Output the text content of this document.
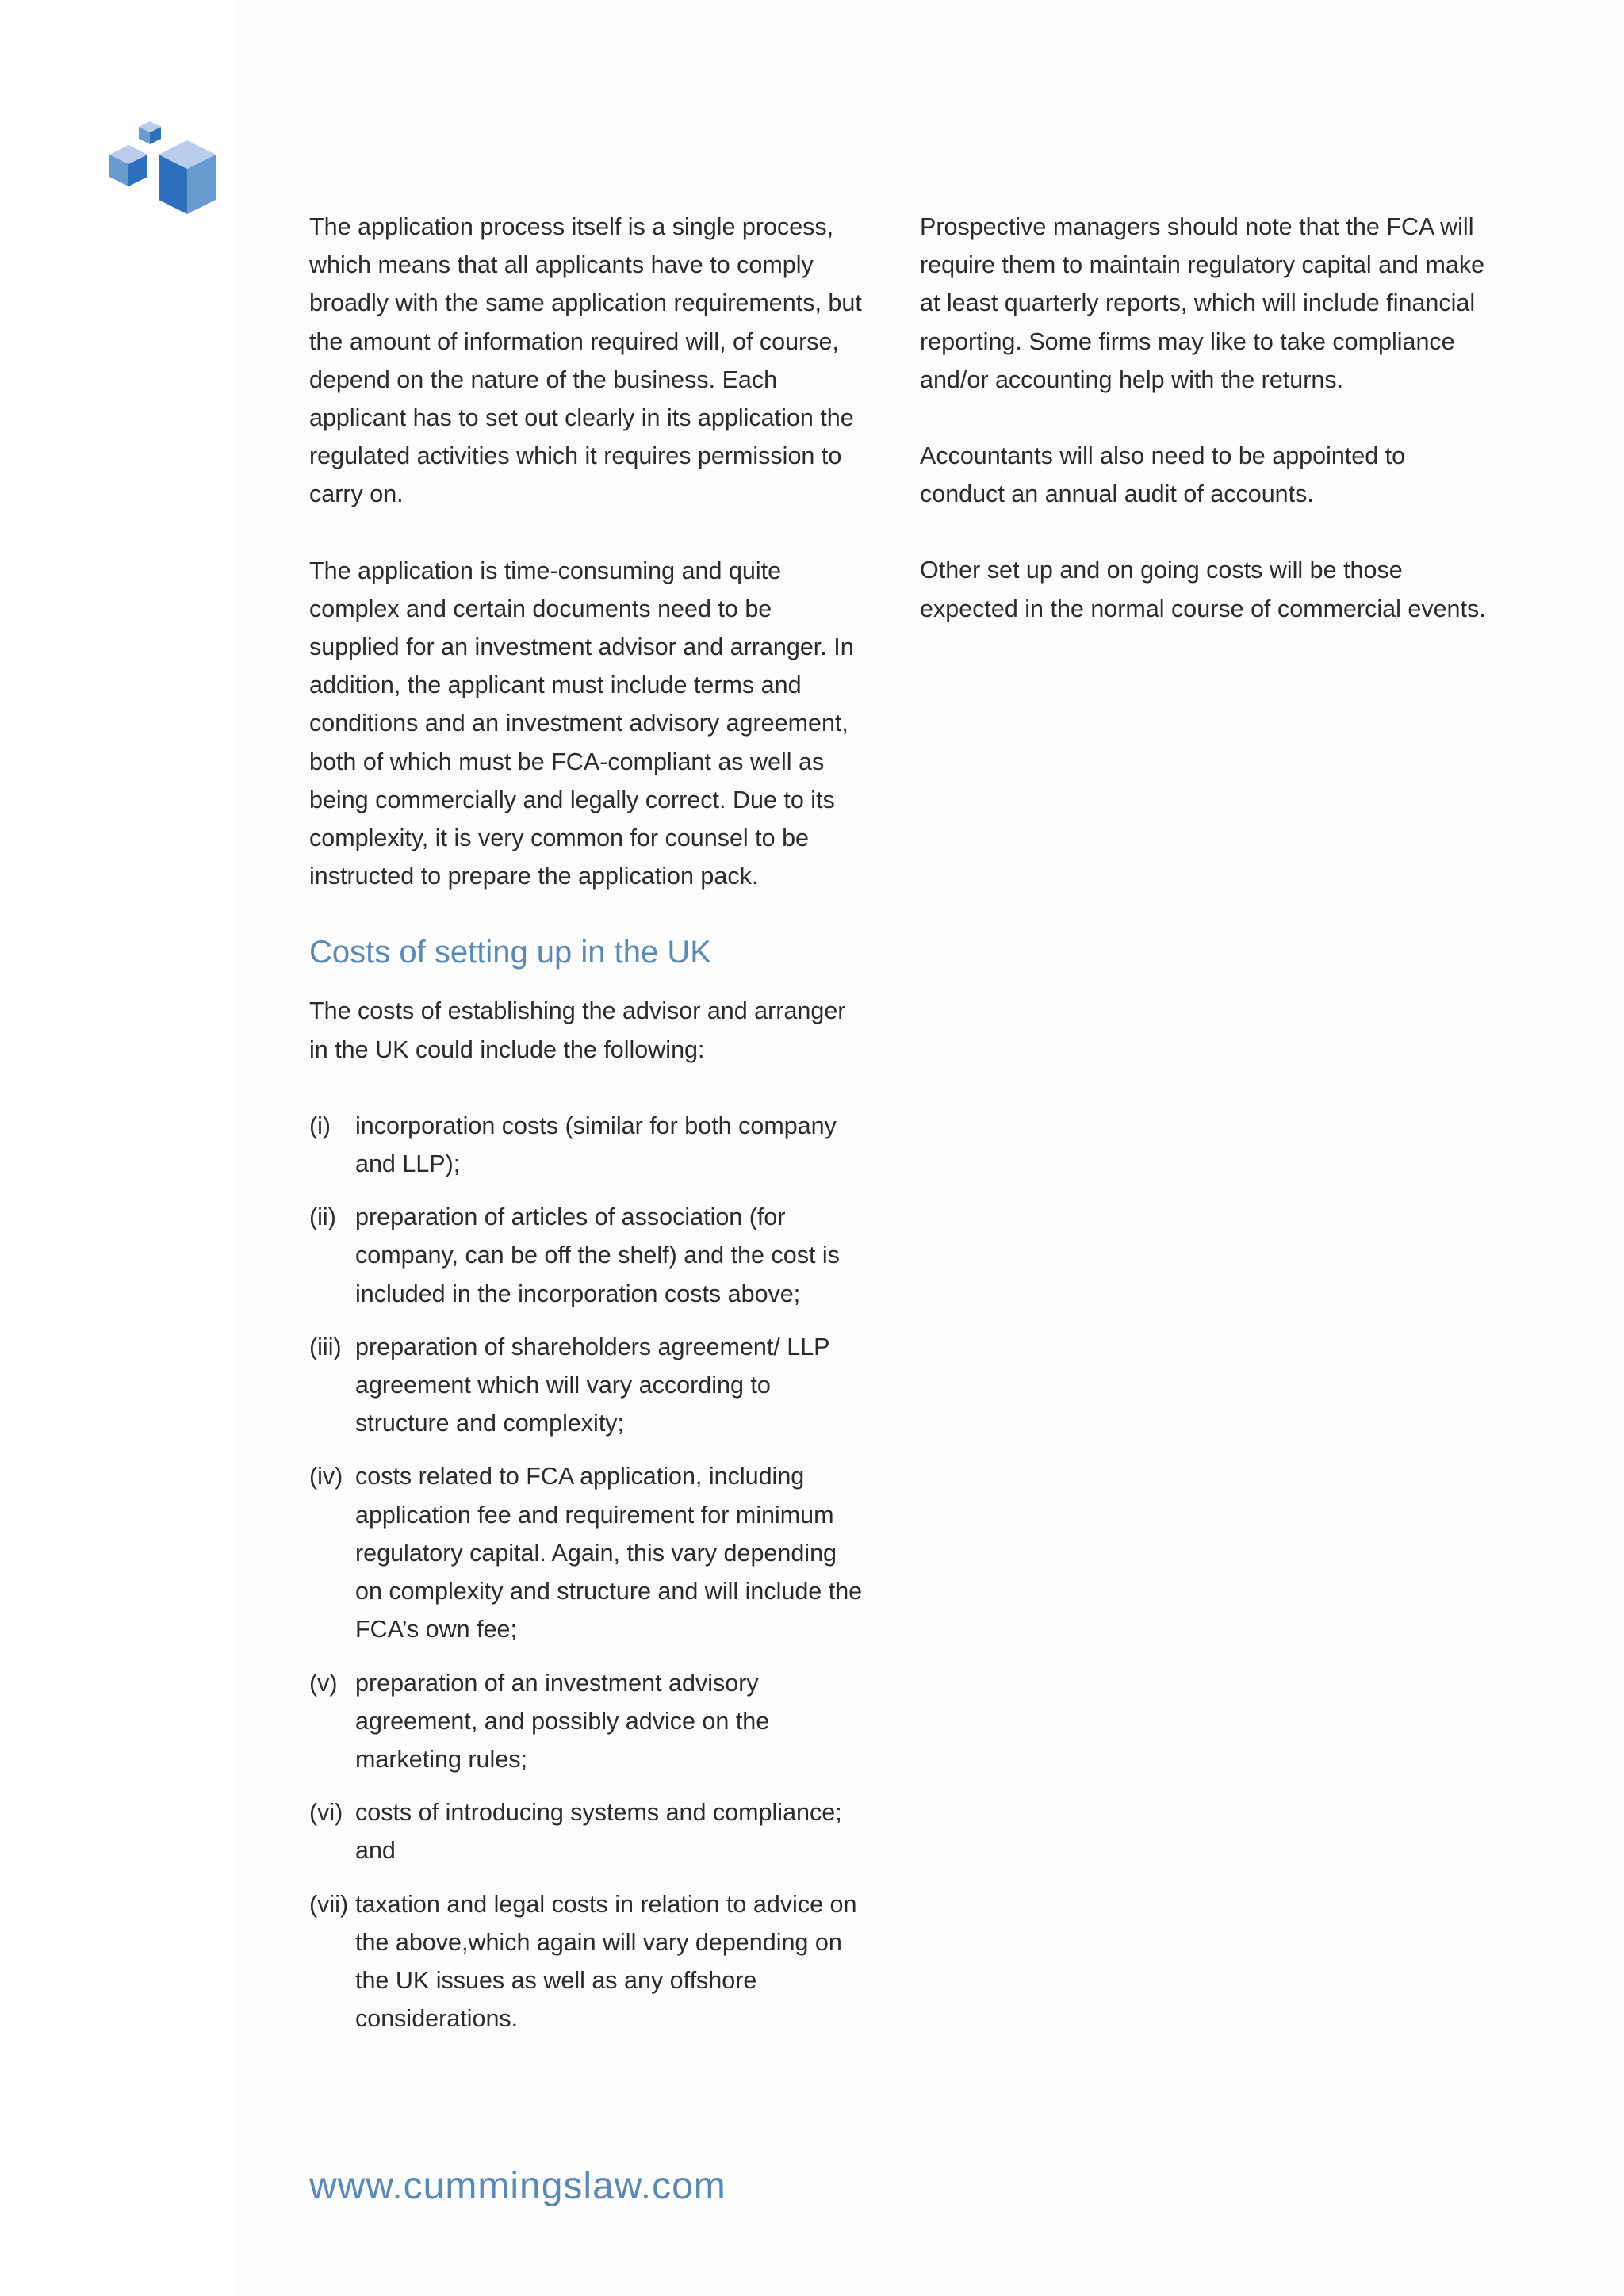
The application process itself is a single process, which means that all applicants have to comply broadly with the same application requirements, but the amount of information required will, of course, depend on the nature of the business. Each applicant has to set out clearly in its application the regulated activities which it requires permission to carry on.

The application is time-consuming and quite complex and certain documents need to be supplied for an investment advisor and arranger. In addition, the applicant must include terms and conditions and an investment advisory agreement, both of which must be FCA-compliant as well as being commercially and legally correct. Due to its complexity, it is very common for counsel to be instructed to prepare the application pack.

Costs of setting up in the UK

The costs of establishing the advisor and arranger in the UK could include the following:

(i) incorporation costs (similar for both company and LLP);
(ii) preparation of articles of association (for company, can be off the shelf) and the cost is included in the incorporation costs above;
(iii) preparation of shareholders agreement/ LLP agreement which will vary according to structure and complexity;
(iv) costs related to FCA application, including application fee and requirement for minimum regulatory capital. Again, this vary depending on complexity and structure and will include the FCA’s own fee;
(v) preparation of an investment advisory agreement, and possibly advice on the marketing rules;
(vi) costs of introducing systems and compliance; and
(vii) taxation and legal costs in relation to advice on the above,which again will vary depending on the UK issues as well as any offshore considerations.

Prospective managers should note that the FCA will require them to maintain regulatory capital and make at least quarterly reports, which will include financial reporting. Some firms may like to take compliance and/or accounting help with the returns.

Accountants will also need to be appointed to conduct an annual audit of accounts.

Other set up and on going costs will be those expected in the normal course of commercial events.

www.cummingslaw.com
